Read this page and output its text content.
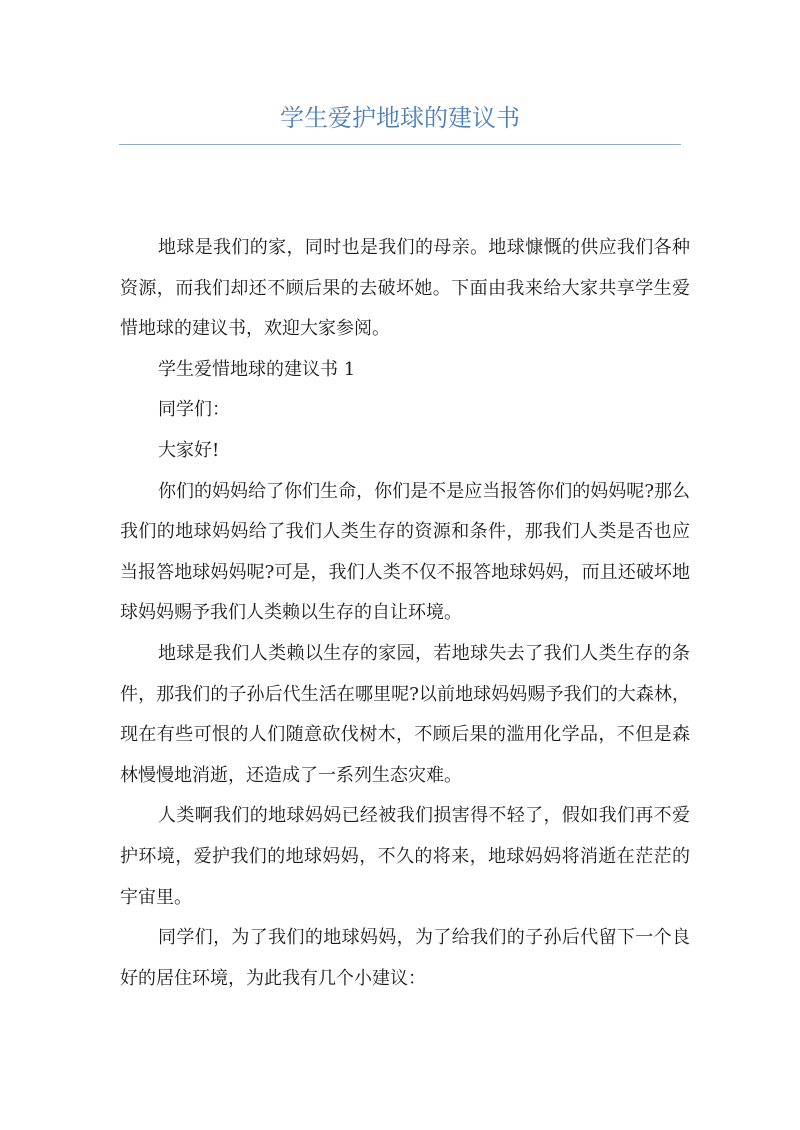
学生爱护地球的建议书

地球是我们的家，同时也是我们的母亲。地球慷慨的供应我们各种资源，而我们却还不顾后果的去破坏她。下面由我来给大家共享学生爱惜地球的建议书，欢迎大家参阅。

学生爱惜地球的建议书 1

同学们：

大家好!

你们的妈妈给了你们生命，你们是不是应当报答你们的妈妈呢?那么我们的地球妈妈给了我们人类生存的资源和条件，那我们人类是否也应当报答地球妈妈呢?可是，我们人类不仅不报答地球妈妈，而且还破坏地球妈妈赐予我们人类赖以生存的自让环境。

地球是我们人类赖以生存的家园，若地球失去了我们人类生存的条件，那我们的子孙后代生活在哪里呢?以前地球妈妈赐予我们的大森林，现在有些可恨的人们随意砍伐树木，不顾后果的滥用化学品，不但是森林慢慢地消逝，还造成了一系列生态灾难。

人类啊我们的地球妈妈已经被我们损害得不轻了，假如我们再不爱护环境，爱护我们的地球妈妈，不久的将来，地球妈妈将消逝在茫茫的宇宙里。

同学们，为了我们的地球妈妈，为了给我们的子孙后代留下一个良好的居住环境，为此我有几个小建议：
